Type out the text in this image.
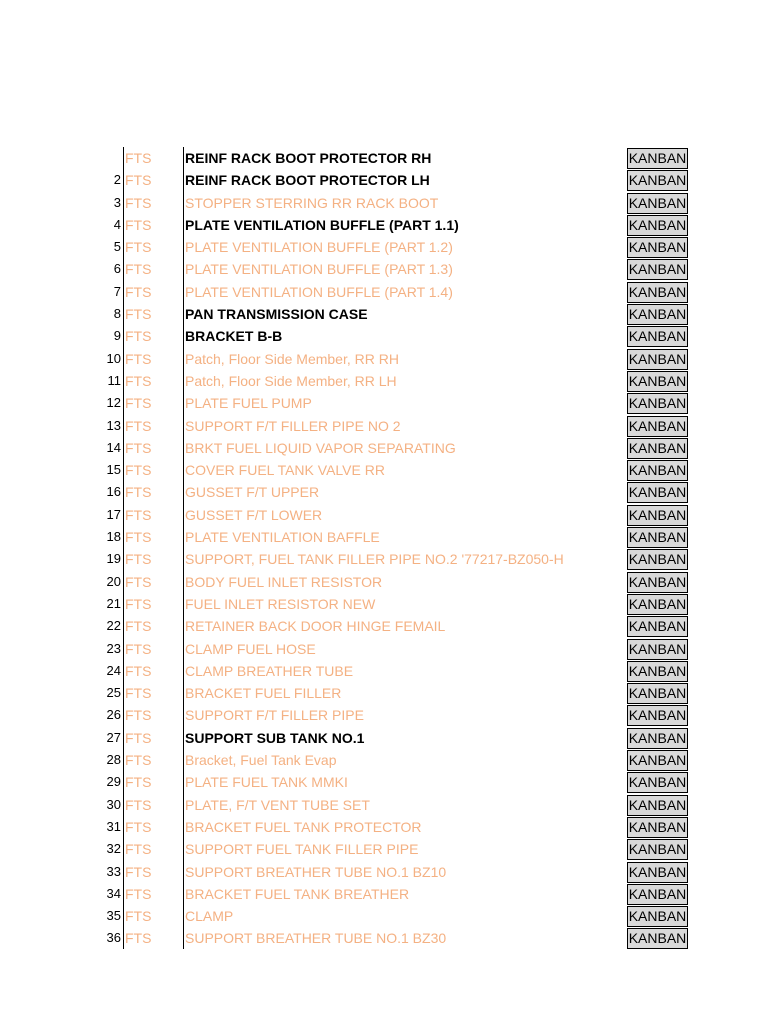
FTS REINF RACK BOOT PROTECTOR RH	KANBAN
2 FTS REINF RACK BOOT PROTECTOR LH	KANBAN
3 FTS STOPPER STERRING RR RACK BOOT	KANBAN
4 FTS PLATE VENTILATION BUFFLE (PART 1.1)	KANBAN
5 FTS PLATE VENTILATION BUFFLE (PART 1.2)	KANBAN
6 FTS PLATE VENTILATION BUFFLE (PART 1.3)	KANBAN
7 FTS PLATE VENTILATION BUFFLE (PART 1.4)	KANBAN
8 FTS PAN TRANSMISSION CASE	KANBAN
9 FTS BRACKET B-B	KANBAN
10 FTS Patch, Floor Side Member, RR RH	KANBAN
11 FTS Patch, Floor Side Member, RR LH	KANBAN
12 FTS PLATE FUEL PUMP	KANBAN
13 FTS SUPPORT F/T FILLER PIPE NO 2	KANBAN
14 FTS BRKT FUEL LIQUID VAPOR SEPARATING	KANBAN
15 FTS COVER FUEL TANK VALVE RR	KANBAN
16 FTS GUSSET F/T UPPER	KANBAN
17 FTS GUSSET F/T LOWER	KANBAN
18 FTS PLATE VENTILATION BAFFLE	KANBAN
19 FTS SUPPORT, FUEL TANK FILLER PIPE NO.2 '77217-BZ050-H	KANBAN
20 FTS BODY FUEL INLET RESISTOR	KANBAN
21 FTS FUEL INLET RESISTOR NEW	KANBAN
22 FTS RETAINER BACK DOOR HINGE FEMAIL	KANBAN
23 FTS CLAMP FUEL HOSE	KANBAN
24 FTS CLAMP BREATHER TUBE	KANBAN
25 FTS BRACKET FUEL FILLER	KANBAN
26 FTS SUPPORT F/T FILLER PIPE	KANBAN
27 FTS SUPPORT SUB TANK NO.1	KANBAN
28 FTS Bracket, Fuel Tank Evap	KANBAN
29 FTS PLATE FUEL TANK MMKI	KANBAN
30 FTS PLATE, F/T VENT TUBE SET	KANBAN
31 FTS BRACKET FUEL TANK PROTECTOR	KANBAN
32 FTS SUPPORT FUEL TANK FILLER PIPE	KANBAN
33 FTS SUPPORT BREATHER TUBE NO.1 BZ10	KANBAN
34 FTS BRACKET FUEL TANK BREATHER	KANBAN
35 FTS CLAMP	KANBAN
36 FTS SUPPORT BREATHER TUBE NO.1 BZ30	KANBAN
